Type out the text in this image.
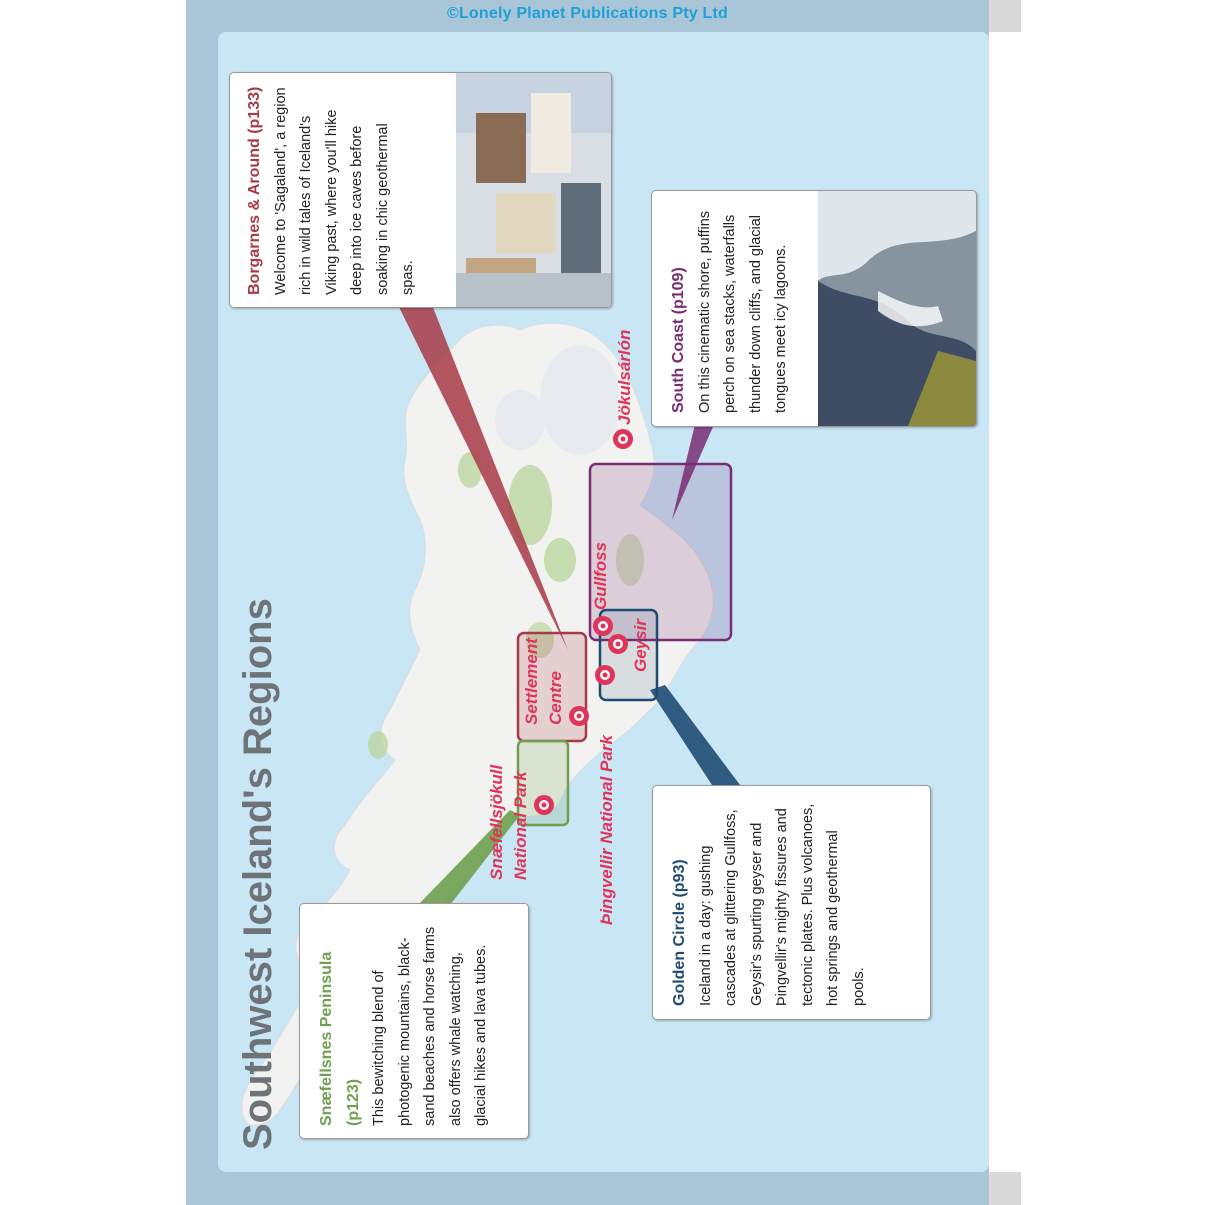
©Lonely Planet Publications Pty Ltd
Southwest Iceland's Regions
Jökulsárlón
Gullfoss
Geysir
Settlement Centre
Þingvellir National Park
Snæfellsjökull National Park
Borgarnes & Around (p133) Welcome to 'Sagaland', a region rich in wild tales of Iceland's Viking past, where you'll hike deep into ice caves before soaking in chic geothermal spas.	South Coast (p109) On this cinematic shore, puffins perch on sea stacks, waterfalls thunder down cliffs, and glacial tongues meet icy lagoons.
Golden Circle (p93) Iceland in a day: gushing cascades at glittering Gullfoss, Geysir's spurting geyser and Þingvellir's mighty fissures and tectonic plates. Plus volcanoes, hot springs and geothermal pools.
Snæfellsnes Peninsula (p123) This bewitching blend of photogenic mountains, black-sand beaches and horse farms also offers whale watching, glacial hikes and lava tubes.
